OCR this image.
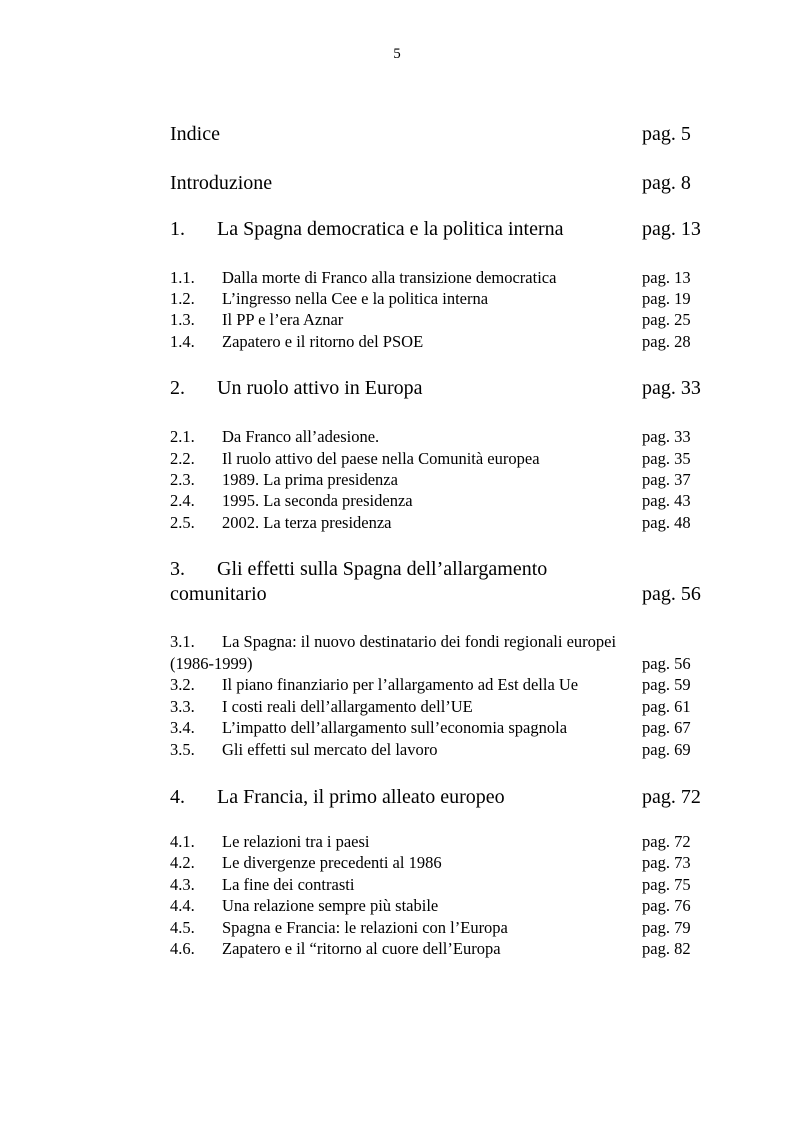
5
Indice	pag. 5
Introduzione	pag. 8
1. La Spagna democratica e la politica interna	pag. 13
1.1. Dalla morte di Franco alla transizione democratica	pag. 13
1.2. L’ingresso nella Cee e la politica interna	pag. 19
1.3. Il PP e l’era Aznar	pag. 25
1.4. Zapatero e il ritorno del PSOE	pag. 28
2. Un ruolo attivo in Europa	pag. 33
2.1. Da Franco all’adesione.	pag. 33
2.2. Il ruolo attivo del paese nella Comunità europea	pag. 35
2.3. 1989. La prima presidenza	pag. 37
2.4. 1995. La seconda presidenza	pag. 43
2.5. 2002. La terza presidenza	pag. 48
3. Gli effetti sulla Spagna dell’allargamento
comunitario	pag. 56
3.1. La Spagna: il nuovo destinatario dei fondi regionali europei
(1986-1999)	pag. 56
3.2. Il piano finanziario per l’allargamento ad Est della Ue	pag. 59
3.3. I costi reali dell’allargamento dell’UE	pag. 61
3.4. L’impatto dell’allargamento sull’economia spagnola	pag. 67
3.5. Gli effetti sul mercato del lavoro	pag. 69
4. La Francia, il primo alleato europeo	pag. 72
4.1. Le relazioni tra i paesi	pag. 72
4.2. Le divergenze precedenti al 1986	pag. 73
4.3. La fine dei contrasti	pag. 75
4.4. Una relazione sempre più stabile	pag. 76
4.5. Spagna e Francia: le relazioni con l’Europa	pag. 79
4.6. Zapatero e il “ritorno al cuore dell’Europa	pag. 82
